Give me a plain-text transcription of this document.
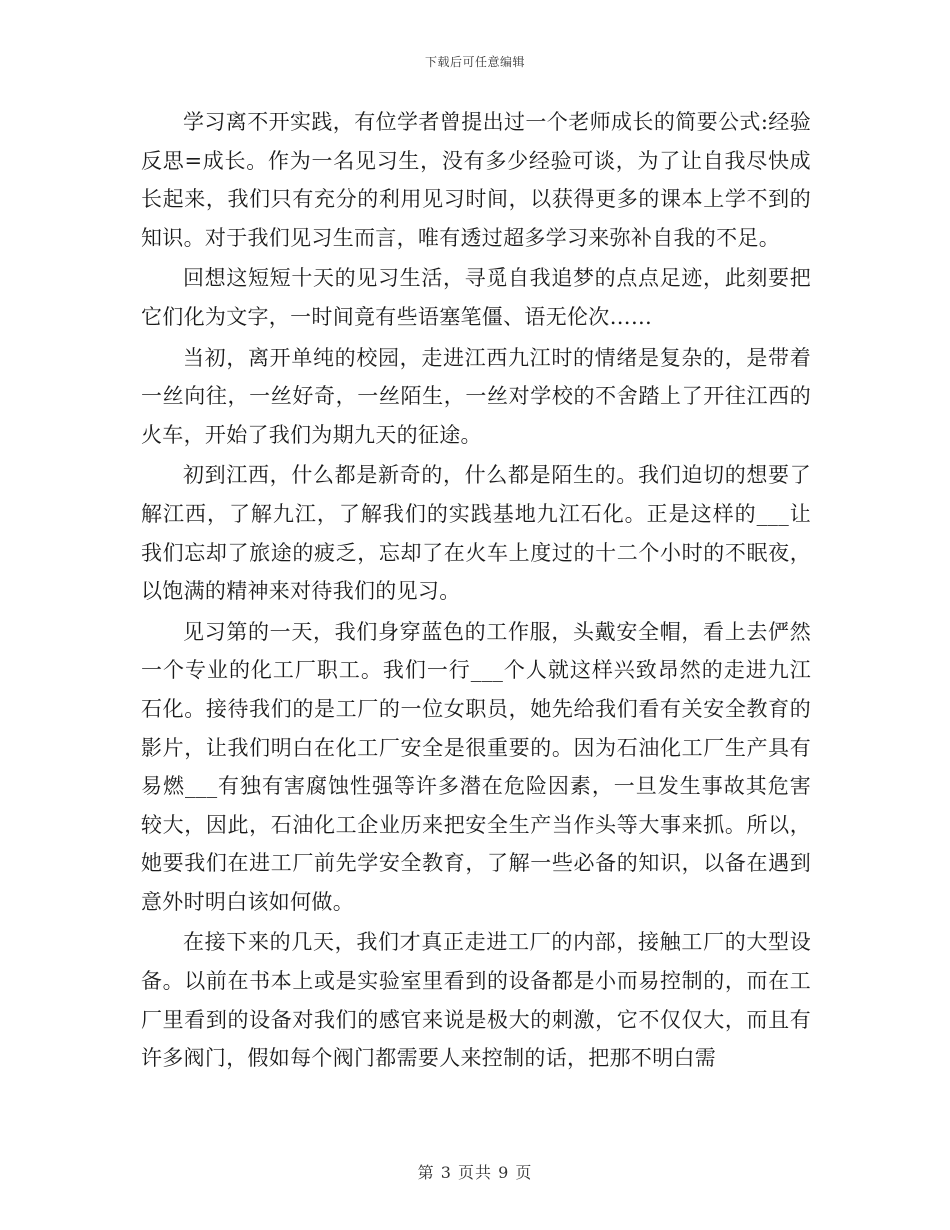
下载后可任意编辑

学习离不开实践，有位学者曾提出过一个老师成长的简要公式:经验反思=成长。作为一名见习生，没有多少经验可谈，为了让自我尽快成长起来，我们只有充分的利用见习时间，以获得更多的课本上学不到的知识。对于我们见习生而言，唯有透过超多学习来弥补自我的不足。

回想这短短十天的见习生活，寻觅自我追梦的点点足迹，此刻要把它们化为文字，一时间竟有些语塞笔僵、语无伦次……

当初，离开单纯的校园，走进江西九江时的情绪是复杂的，是带着一丝向往，一丝好奇，一丝陌生，一丝对学校的不舍踏上了开往江西的火车，开始了我们为期九天的征途。

初到江西，什么都是新奇的，什么都是陌生的。我们迫切的想要了解江西，了解九江，了解我们的实践基地九江石化。正是这样的___让我们忘却了旅途的疲乏，忘却了在火车上度过的十二个小时的不眠夜，以饱满的精神来对待我们的见习。

见习第的一天，我们身穿蓝色的工作服，头戴安全帽，看上去俨然一个专业的化工厂职工。我们一行___个人就这样兴致昂然的走进九江石化。接待我们的是工厂的一位女职员，她先给我们看有关安全教育的影片，让我们明白在化工厂安全是很重要的。因为石油化工厂生产具有易燃___有独有害腐蚀性强等许多潜在危险因素，一旦发生事故其危害较大，因此，石油化工企业历来把安全生产当作头等大事来抓。所以，她要我们在进工厂前先学安全教育，了解一些必备的知识，以备在遇到意外时明白该如何做。

在接下来的几天，我们才真正走进工厂的内部，接触工厂的大型设备。以前在书本上或是实验室里看到的设备都是小而易控制的，而在工厂里看到的设备对我们的感官来说是极大的刺激，它不仅仅大，而且有许多阀门，假如每个阀门都需要人来控制的话，把那不明白需

第 3 页共 9 页
